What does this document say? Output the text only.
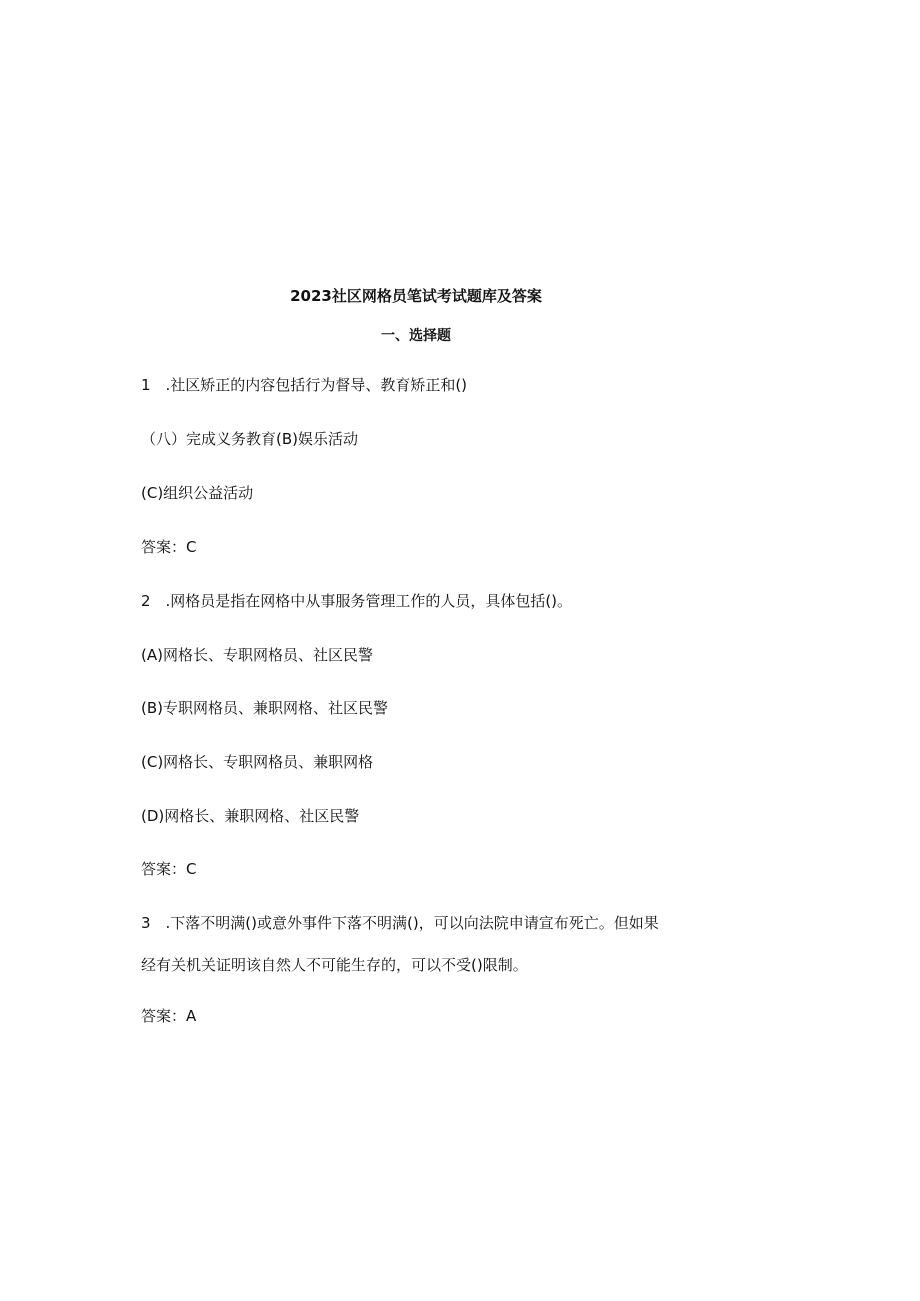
2023社区网格员笔试考试题库及答案
一、选择题

1　.社区矫正的内容包括行为督导、教育矫正和()

（八）完成义务教育(B)娱乐活动

(C)组织公益活动

答案：C

2　.网格员是指在网格中从事服务管理工作的人员，具体包括()。

(A)网格长、专职网格员、社区民警

(B)专职网格员、兼职网格、社区民警

(C)网格长、专职网格员、兼职网格

(D)网格长、兼职网格、社区民警

答案：C

3　.下落不明满()或意外事件下落不明满()，可以向法院申请宣布死亡。但如果

经有关机关证明该自然人不可能生存的，可以不受()限制。

答案：A
